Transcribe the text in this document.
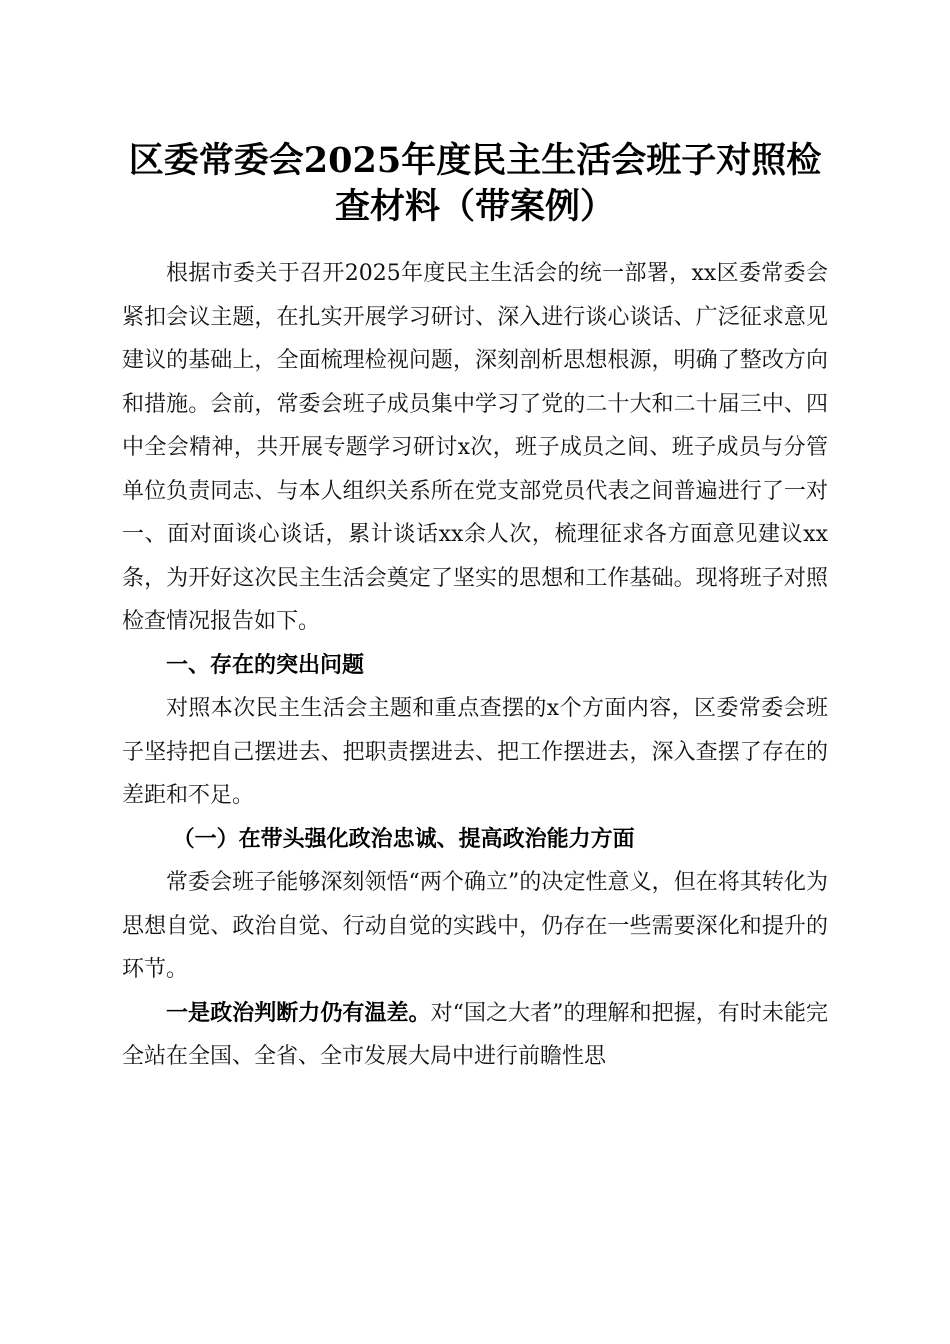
区委常委会2025年度民主生活会班子对照检
查材料（带案例）

根据市委关于召开2025年度民主生活会的统一部署，xx区委常委会紧扣会议主题，在扎实开展学习研讨、深入进行谈心谈话、广泛征求意见建议的基础上，全面梳理检视问题，深刻剖析思想根源，明确了整改方向和措施。会前，常委会班子成员集中学习了党的二十大和二十届三中、四中全会精神，共开展专题学习研讨x次，班子成员之间、班子成员与分管单位负责同志、与本人组织关系所在党支部党员代表之间普遍进行了一对一、面对面谈心谈话，累计谈话xx余人次，梳理征求各方面意见建议xx条，为开好这次民主生活会奠定了坚实的思想和工作基础。现将班子对照检查情况报告如下。

一、存在的突出问题

对照本次民主生活会主题和重点查摆的x个方面内容，区委常委会班子坚持把自己摆进去、把职责摆进去、把工作摆进去，深入查摆了存在的差距和不足。

（一）在带头强化政治忠诚、提高政治能力方面

常委会班子能够深刻领悟“两个确立”的决定性意义，但在将其转化为思想自觉、政治自觉、行动自觉的实践中，仍存在一些需要深化和提升的环节。

一是政治判断力仍有温差。对“国之大者”的理解和把握，有时未能完全站在全国、全省、全市发展大局中进行前瞻性思
